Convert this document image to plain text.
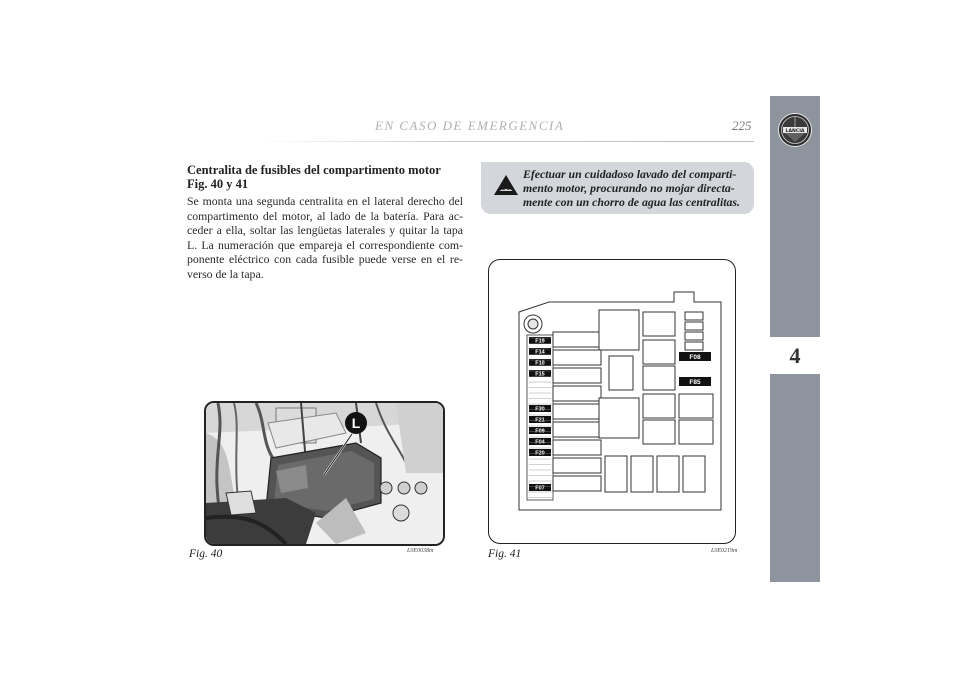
EN CASO DE EMERGENCIA	225
4
LANCIA
Centralita de fusibles del compartimento motor
Fig. 40 y 41
Se monta una segunda centralita en el lateral derecho del compartimento del motor, al lado de la batería. Para ac- ceder a ella, soltar las lengüetas laterales y quitar la tapa L. La numeración que empareja el correspondiente com- ponente eléctrico con cada fusible puede verse en el re- verso de la tapa.
Efectuar un cuidadoso lavado del comparti- mento motor, procurando no mojar directa- mente con un chorro de agua las centralitas.
L
Fig. 40	L0E0038m
F19
F14
F10
F15
F30
F21
F09
F04
F20
F07
F08
F85
Fig. 41	L0E0219m
